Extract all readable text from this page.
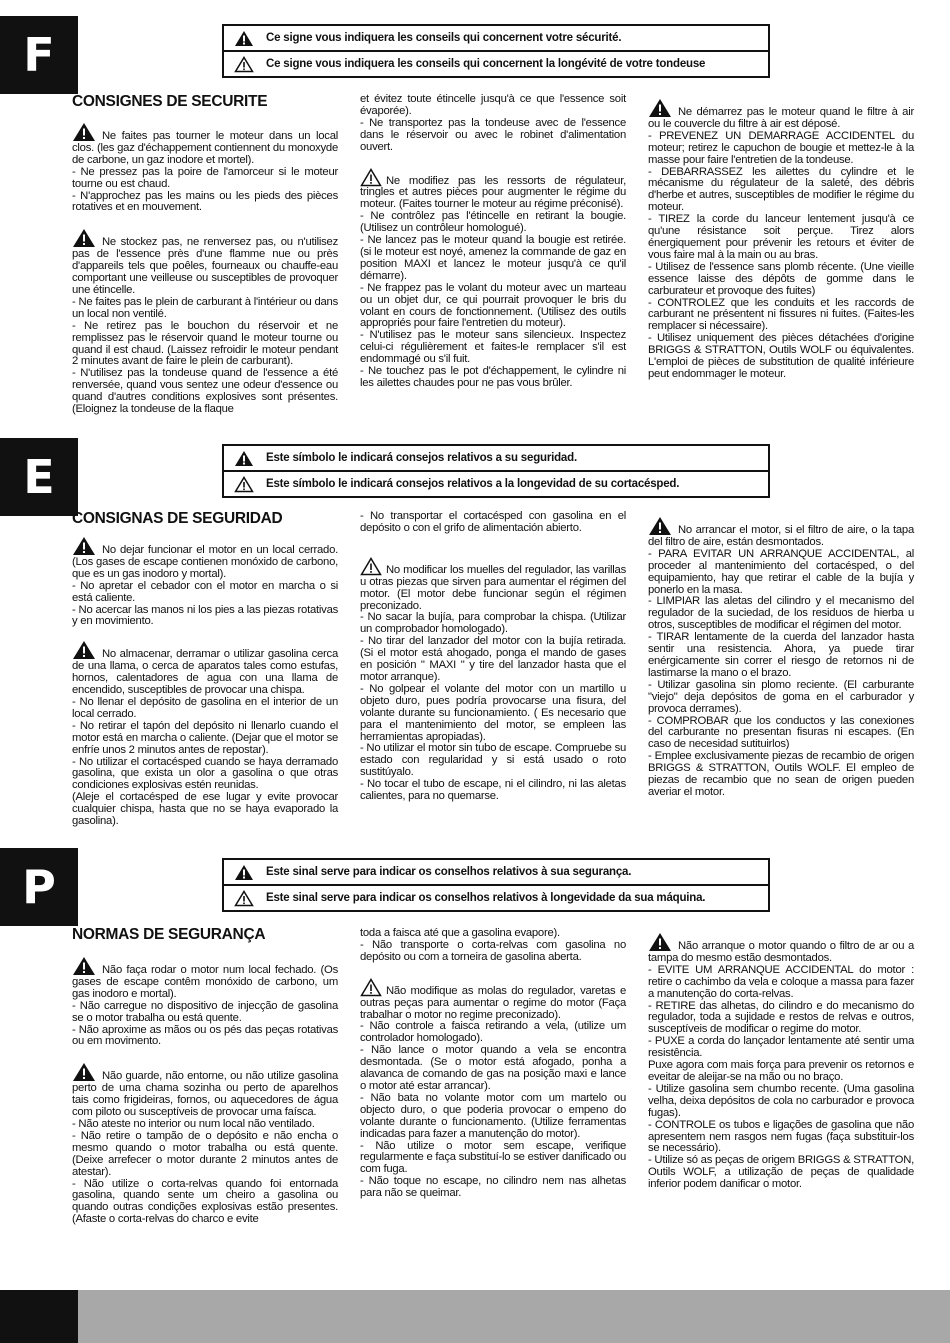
F	Ce signe vous indiquera les conseils qui concernent votre sécurité.
Ce signe vous indiquera les conseils qui concernent la longévité de votre tondeuse
CONSIGNES DE SECURITE

Ne faites pas tourner le moteur dans un local clos. (les gaz d'échappement contiennent du monoxyde de carbone, un gaz inodore et mortel).

- Ne pressez pas la poire de l'amorceur si le moteur tourne ou est chaud.

- N'approchez pas les mains ou les pieds des pièces rotatives et en mouvement.

Ne stockez pas, ne renversez pas, ou n'utilisez pas de l'essence près d'une flamme nue ou près d'appareils tels que poêles, fourneaux ou chauffe-eau comportant une veilleuse ou susceptibles de provoquer une étincelle.

- Ne faites pas le plein de carburant à l'intérieur ou dans un local non ventilé.

- Ne retirez pas le bouchon du réservoir et ne remplissez pas le réservoir quand le moteur tourne ou quand il est chaud. (Laissez refroidir le moteur pendant 2 minutes avant de faire le plein de carburant).

- N'utilisez pas la tondeuse quand de l'essence a été renversée, quand vous sentez une odeur d'essence ou quand d'autres conditions explosives sont présentes. (Eloignez la tondeuse de la flaque

et évitez toute étincelle jusqu'à ce que l'essence soit évaporée).

- Ne transportez pas la tondeuse avec de l'essence dans le réservoir ou avec le robinet d'alimentation ouvert.

Ne modifiez pas les ressorts de régulateur, tringles et autres pièces pour augmenter le régime du moteur. (Faites tourner le moteur au régime préconisé).

- Ne contrôlez pas l'étincelle en retirant la bougie. (Utilisez un contrôleur homologué).

- Ne lancez pas le moteur quand la bougie est retirée. (si le moteur est noyé, amenez la commande de gaz en position MAXI et lancez le moteur jusqu'à ce qu'il démarre).

- Ne frappez pas le volant du moteur avec un marteau ou un objet dur, ce qui pourrait provoquer le bris du volant en cours de fonctionnement. (Utilisez des outils appropriés pour faire l'entretien du moteur).

- N'utilisez pas le moteur sans silencieux. Inspectez celui-ci régulièrement et faites-le remplacer s'il est endommagé ou s'il fuit.

- Ne touchez pas le pot d'échappement, le cylindre ni les ailettes chaudes pour ne pas vous brûler.

Ne démarrez pas le moteur quand le filtre à air ou le couvercle du filtre à air est déposé.

- PREVENEZ UN DEMARRAGE ACCIDENTEL du moteur; retirez le capuchon de bougie et mettez-le à la masse pour faire l'entretien de la tondeuse.

- DEBARRASSEZ les ailettes du cylindre et le mécanisme du régulateur de la saleté, des débris d'herbe et autres, susceptibles de modifier le régime du moteur.

- TIREZ la corde du lanceur lentement jusqu'à ce qu'une résistance soit perçue. Tirez alors énergiquement pour prévenir les retours et éviter de vous faire mal à la main ou au bras.

- Utilisez de l'essence sans plomb récente. (Une vieille essence laisse des dépôts de gomme dans le carburateur et provoque des fuites)

- CONTROLEZ que les conduits et les raccords de carburant ne présentent ni fissures ni fuites. (Faites-les remplacer si nécessaire).

- Utilisez uniquement des pièces détachées d'origine BRIGGS & STRATTON, Outils WOLF ou équivalentes. L'emploi de pièces de substitution de qualité inférieure peut endommager le moteur.

E	Este símbolo le indicará consejos relativos a su seguridad.
Este símbolo le indicará consejos relativos a la longevidad de su cortacésped.
CONSIGNAS DE SEGURIDAD

No dejar funcionar el motor en un local cerrado. (Los gases de escape contienen monóxido de carbono, que es un gas inodoro y mortal).

- No apretar el cebador con el motor en marcha o si está caliente.

- No acercar las manos ni los pies a las piezas rotativas y en movimiento.

No almacenar, derramar o utilizar gasolina cerca de una llama, o cerca de aparatos tales como estufas, hornos, calentadores de agua con una llama de encendido, susceptibles de provocar una chispa.

- No llenar el depósito de gasolina en el interior de un local cerrado.

- No retirar el tapón del depósito ni llenarlo cuando el motor está en marcha o caliente. (Dejar que el motor se enfríe unos 2 minutos antes de repostar).

- No utilizar el cortacésped cuando se haya derramado gasolina, que exista un olor a gasolina o que otras condiciones explosivas estén reunidas.

(Aleje el cortacésped de ese lugar y evite provocar cualquier chispa, hasta que no se haya evaporado la gasolina).

- No transportar el cortacésped con gasolina en el depósito o con el grifo de alimentación abierto.

No modificar los muelles del regulador, las varillas u otras piezas que sirven para aumentar el régimen del motor. (El motor debe funcionar según el régimen preconizado.

- No sacar la bujía, para comprobar la chispa. (Utilizar un comprobador homologado).

- No tirar del lanzador del motor con la bujía retirada. (Si el motor está ahogado, ponga el mando de gases en posición " MAXI " y tire del lanzador hasta que el motor arranque).

- No golpear el volante del motor con un martillo u objeto duro, pues podría provocarse una fisura, del volante durante su funcionamiento. ( Es necesario que para el mantenimiento del motor, se empleen las herramientas apropiadas).

- No utilizar el motor sin tubo de escape. Compruebe su estado con regularidad y si está usado o roto sustitúyalo.

- No tocar el tubo de escape, ni el cilindro, ni las aletas calientes, para no quemarse.

No arrancar el motor, si el filtro de aire, o la tapa del filtro de aire, están desmontados.

- PARA EVITAR UN ARRANQUE ACCIDENTAL, al proceder al mantenimiento del cortacésped, o del equipamiento, hay que retirar el cable de la bujía y ponerlo en la masa.

- LIMPIAR las aletas del cilindro y el mecanismo del regulador de la suciedad, de los residuos de hierba u otros, susceptibles de modificar el régimen del motor.

- TIRAR lentamente de la cuerda del lanzador hasta sentir una resistencia. Ahora, ya puede tirar enérgicamente sin correr el riesgo de retornos ni de lastimarse la mano o el brazo.

- Utilizar gasolina sin plomo reciente. (El carburante "viejo" deja depósitos de goma en el carburador y provoca derrames).

- COMPROBAR que los conductos y las conexiones del carburante no presentan fisuras ni escapes. (En caso de necesidad sutituirlos)

- Emplee exclusivamente piezas de recambio de origen BRIGGS & STRATTON, Outils WOLF. El empleo de piezas de recambio que no sean de origen pueden averiar el motor.

P	Este sinal serve para indicar os conselhos relativos à sua segurança.
Este sinal serve para indicar os conselhos relativos à longevidade da sua máquina.
NORMAS DE SEGURANÇA

Não faça rodar o motor num local fechado. (Os gases de escape contêm monóxido de carbono, um gas inodoro e mortal).

- Não carregue no dispositivo de injecção de gasolina se o motor trabalha ou está quente.

- Não aproxime as mãos ou os pés das peças rotativas ou em movimento.

Não guarde, não entorne, ou não utilize gasolina perto de uma chama sozinha ou perto de aparelhos tais como frigideiras, fornos, ou aquecedores de água com piloto ou susceptíveis de provocar uma faísca.

- Não ateste no interior ou num local não ventilado.

- Não retire o tampão de o depósito e não encha o mesmo quando o motor trabalha ou está quente. (Deixe arrefecer o motor durante 2 minutos antes de atestar).

- Não utilize o corta-relvas quando foi entornada gasolina, quando sente um cheiro a gasolina ou quando outras condições explosivas estão presentes. (Afaste o corta-relvas do charco e evite

toda a faisca até que a gasolina evapore).

- Não transporte o corta-relvas com gasolina no depósito ou com a torneira de gasolina aberta.

Não modifique as molas do regulador, varetas e outras peças para aumentar o regime do motor (Faça trabalhar o motor no regime preconizado).

- Não controle a faisca retirando a vela, (utilize um controlador homologado).

- Não lance o motor quando a vela se encontra desmontada. (Se o motor está afogado, ponha a alavanca de comando de gas na posição maxi e lance o motor até estar arrancar).

- Não bata no volante motor com um martelo ou objecto duro, o que poderia provocar o empeno do volante durante o funcionamento. (Utilize ferramentas indicadas para fazer a manutenção do motor).

- Não utilize o motor sem escape, verifique regularmente e faça substituí-lo se estiver danificado ou com fuga.

- Não toque no escape, no cilindro nem nas alhetas para não se queimar.

Não arranque o motor quando o filtro de ar ou a tampa do mesmo estão desmontados.

- EVITE UM ARRANQUE ACCIDENTAL do motor : retire o cachimbo da vela e coloque a massa para fazer a manutenção do corta-relvas.

- RETIRE das alhetas, do cilindro e do mecanismo do regulador, toda a sujidade e restos de relvas e outros, susceptíveis de modificar o regime do motor.

- PUXE a corda do lançador lentamente até sentir uma resistência.

Puxe agora com mais força para prevenir os retornos e eveitar de aleijar-se na mão ou no braço.

- Utilize gasolina sem chumbo recente. (Uma gasolina velha, deixa depósitos de cola no carburador e provoca fugas).

- CONTROLE os tubos e ligações de gasolina que não apresentem nem rasgos nem fugas (faça substituir-los se necessário).

- Utilize só as peças de origem BRIGGS & STRATTON, Outils WOLF, a utilização de peças de qualidade inferior podem danificar o motor.
